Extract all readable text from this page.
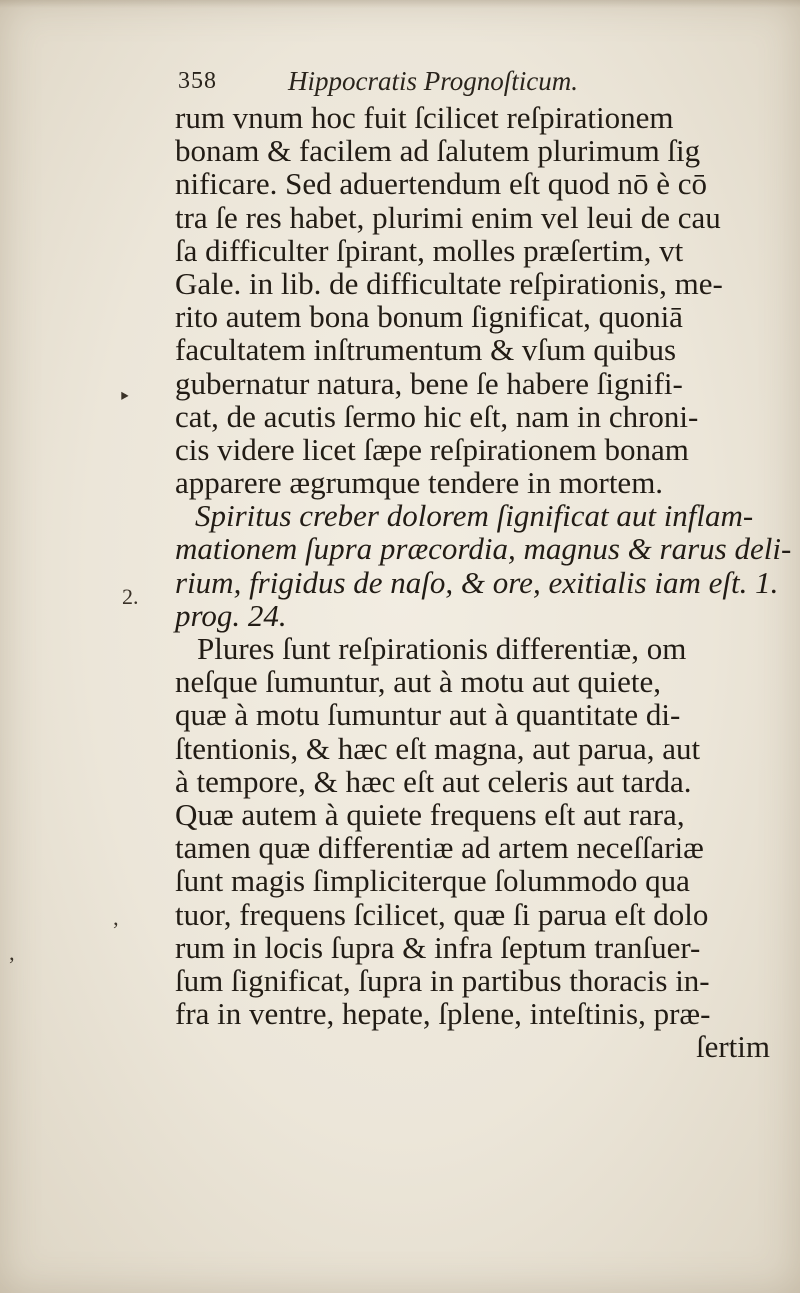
358	Hippocratis Prognoſticum.
‣
2.
’
’
rum vnum hoc fuit ſcilicet reſpirationem
bonam & facilem ad ſalutem plurimum ſig
nificare. Sed aduertendum eſt quod nō è cō
tra ſe res habet, plurimi enim vel leui de cau
ſa difficulter ſpirant, molles præſertim, vt
Gale. in lib. de difficultate reſpirationis, me-
rito autem bona bonum ſignificat, quoniā
facultatem inſtrumentum & vſum quibus
gubernatur natura, bene ſe habere ſignifi-
cat, de acutis ſermo hic eſt, nam in chroni-
cis videre licet ſæpe reſpirationem bonam
apparere ægrumque tendere in mortem.
Spiritus creber dolorem ſignificat aut inflam-
mationem ſupra præcordia, magnus & rarus deli-
rium, frigidus de naſo, & ore, exitialis iam eſt. 1.
prog. 24.
Plures ſunt reſpirationis differentiæ, om
neſque ſumuntur, aut à motu aut quiete,
quæ à motu ſumuntur aut à quantitate di-
ſtentionis, & hæc eſt magna, aut parua, aut
à tempore, & hæc eſt aut celeris aut tarda.
Quæ autem à quiete frequens eſt aut rara,
tamen quæ differentiæ ad artem neceſſariæ
ſunt magis ſimpliciterque ſolummodo qua
tuor, frequens ſcilicet, quæ ſi parua eſt dolo
rum in locis ſupra & infra ſeptum tranſuer-
ſum ſignificat, ſupra in partibus thoracis in-
fra in ventre, hepate, ſplene, inteſtinis, præ-
ſertim
